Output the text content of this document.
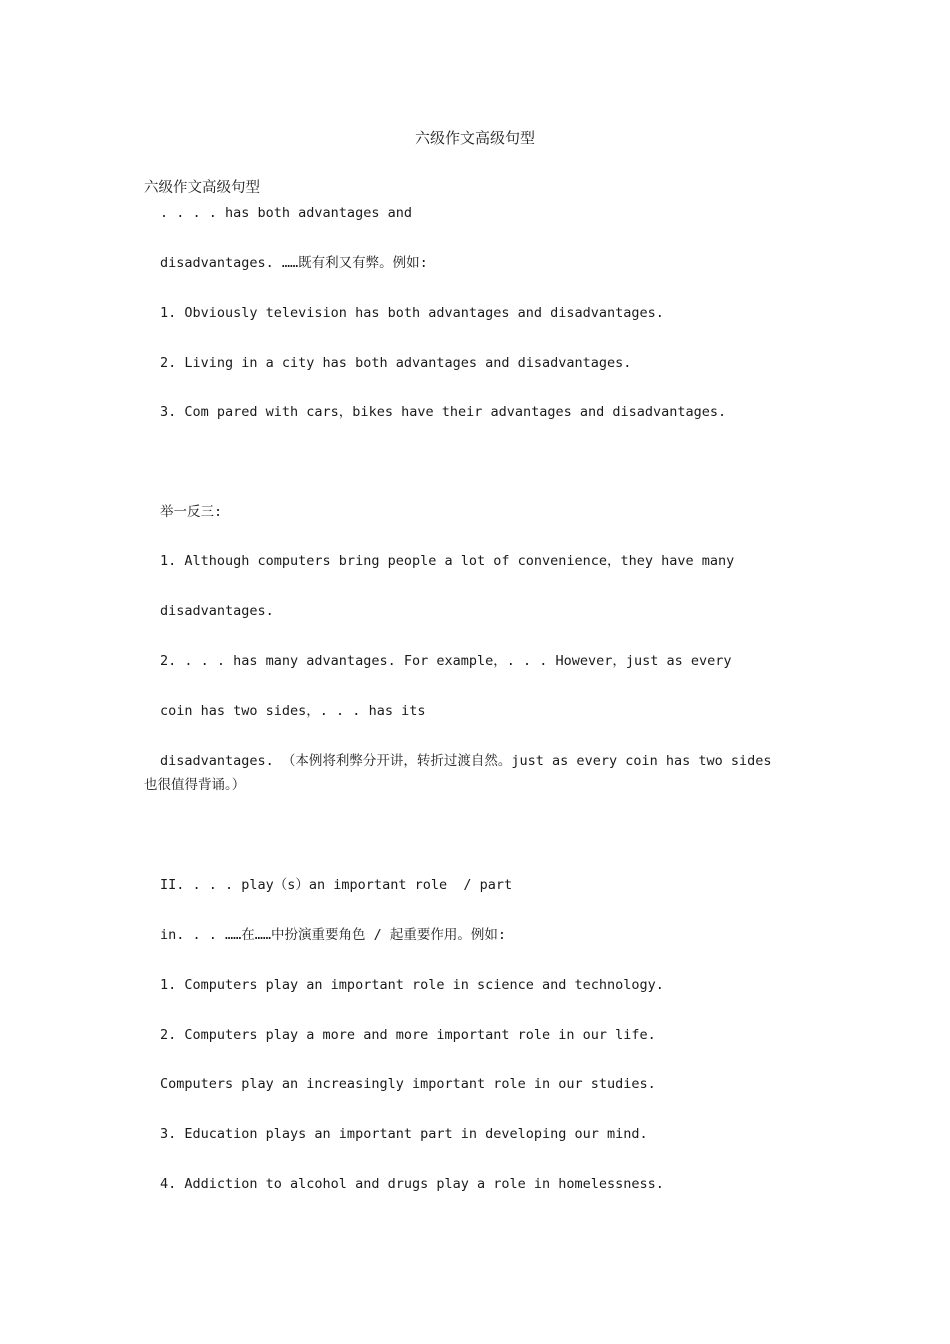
六级作文高级句型
六级作文高级句型
. . . . has both advantages and
disadvantages. ……既有利又有弊。例如:
1. Obviously television has both advantages and disadvantages.
2. Living in a city has both advantages and disadvantages.
3. Com pared with cars，bikes have their advantages and disadvantages.
举一反三:
1. Although computers bring people a lot of convenience，they have many
disadvantages.
2. . . . has many advantages. For example，. . . However，just as every
coin has two sides，. . . has its
disadvantages. （本例将利弊分开讲，转折过渡自然。just as every coin has two sides
也很值得背诵。）
II. . . . play（s）an important role  / part
in. . . ……在……中扮演重要角色 / 起重要作用。例如:
1. Computers play an important role in science and technology.
2. Computers play a more and more important role in our life.
Computers play an increasingly important role in our studies.
3. Education plays an important part in developing our mind.
4. Addiction to alcohol and drugs play a role in homelessness.
